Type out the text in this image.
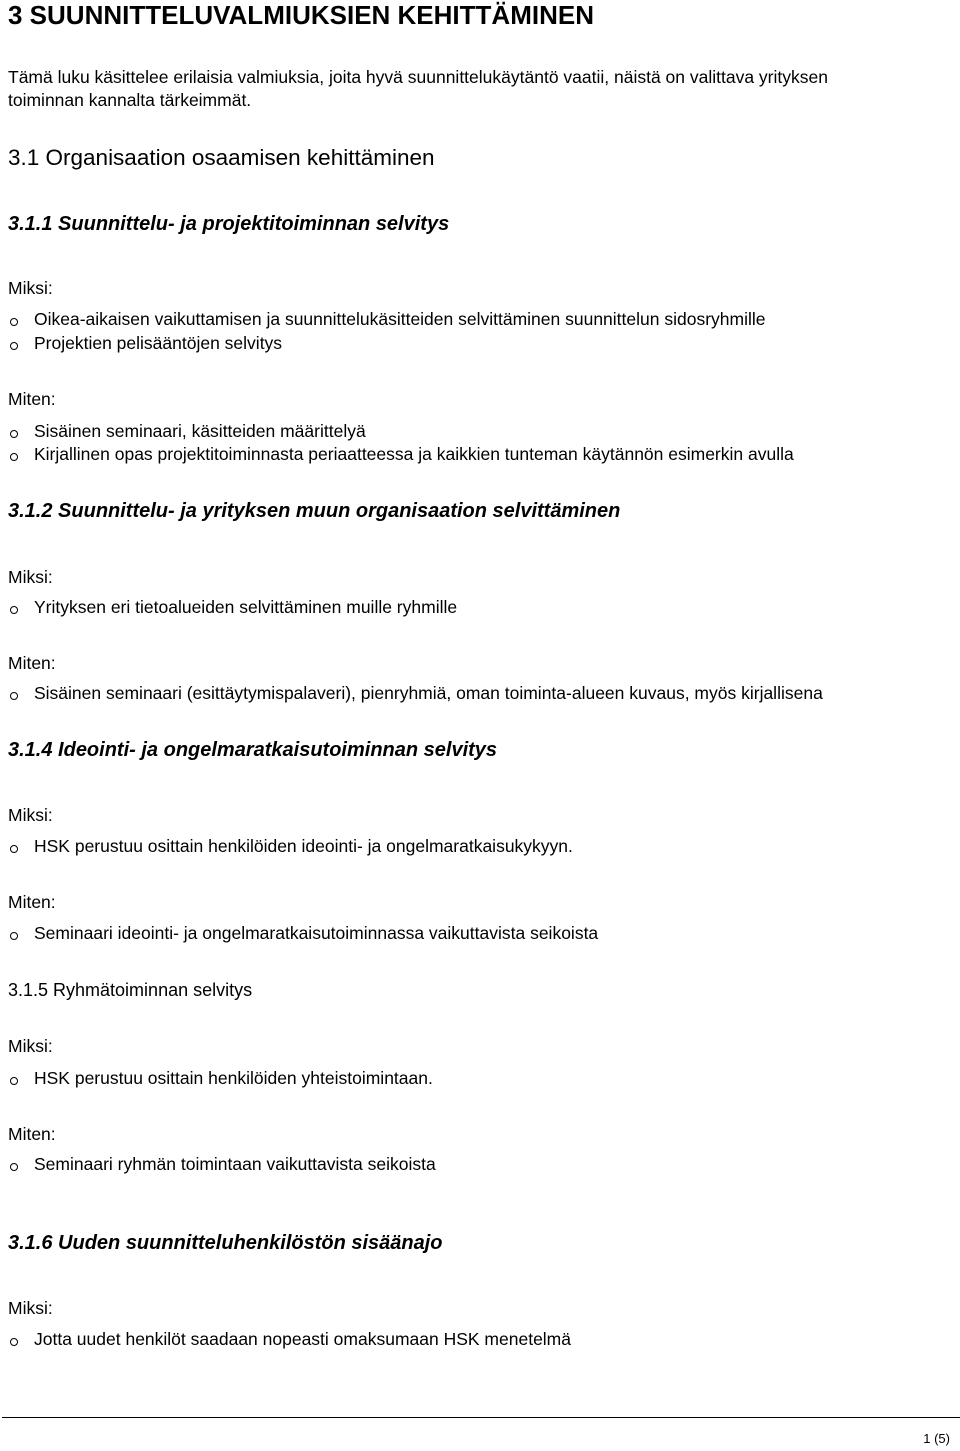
3 SUUNNITTELUVALMIUKSIEN KEHITTÄMINEN
Tämä luku käsittelee erilaisia valmiuksia, joita hyvä suunnittelukäytäntö vaatii, näistä on valittava yrityksen
toiminnan kannalta tärkeimmät.
3.1 Organisaation osaamisen kehittäminen
3.1.1 Suunnittelu- ja projektitoiminnan selvitys
Miksi:
Oikea-aikaisen vaikuttamisen ja suunnittelukäsitteiden selvittäminen suunnittelun sidosryhmille
Projektien pelisääntöjen selvitys
Miten:
Sisäinen seminaari, käsitteiden määrittelyä
Kirjallinen opas projektitoiminnasta periaatteessa ja kaikkien tunteman käytännön esimerkin avulla
3.1.2 Suunnittelu- ja yrityksen muun organisaation selvittäminen
Miksi:
Yrityksen eri tietoalueiden selvittäminen muille ryhmille
Miten:
Sisäinen seminaari (esittäytymispalaveri), pienryhmiä, oman toiminta-alueen kuvaus, myös kirjallisena
3.1.4 Ideointi- ja ongelmaratkaisutoiminnan selvitys
Miksi:
HSK perustuu osittain henkilöiden ideointi- ja ongelmaratkaisukykyyn.
Miten:
Seminaari ideointi- ja ongelmaratkaisutoiminnassa vaikuttavista seikoista
3.1.5 Ryhmätoiminnan selvitys
Miksi:
HSK perustuu osittain henkilöiden yhteistoimintaan.
Miten:
Seminaari ryhmän toimintaan vaikuttavista seikoista
3.1.6 Uuden suunnitteluhenkilöstön sisäänajo
Miksi:
Jotta uudet henkilöt saadaan nopeasti omaksumaan HSK menetelmä
1 (5)
